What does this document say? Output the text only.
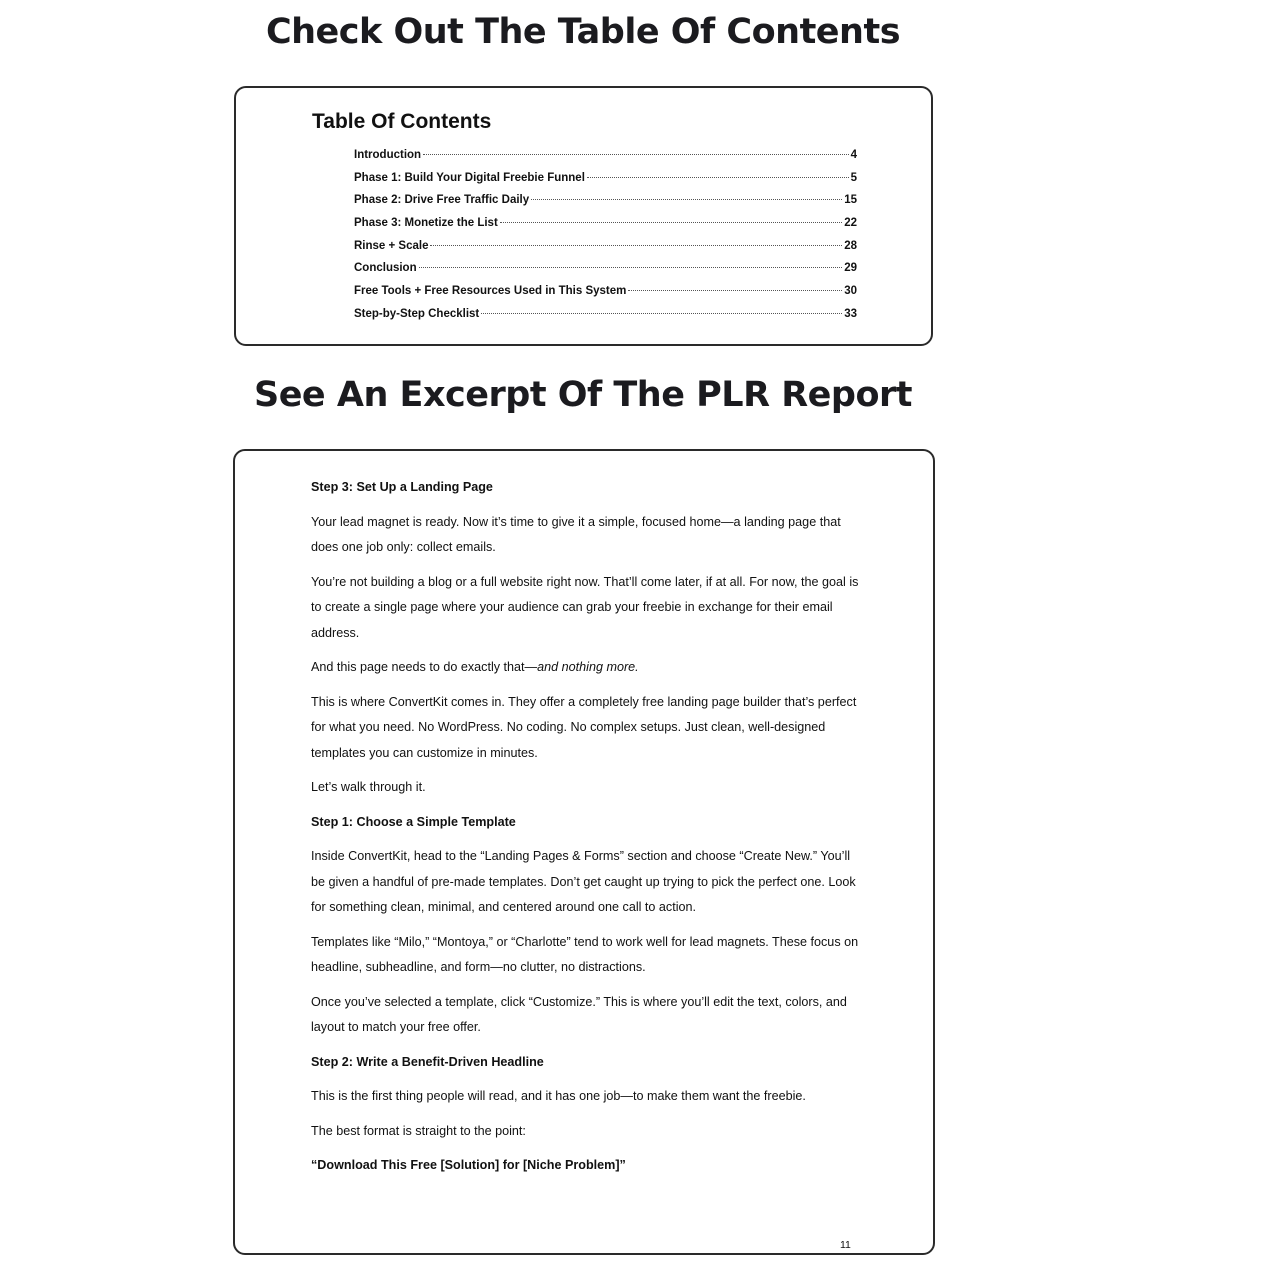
Check Out The Table Of Contents
Table Of Contents
Introduction	4
Phase 1: Build Your Digital Freebie Funnel	5
Phase 2: Drive Free Traffic Daily	15
Phase 3: Monetize the List	22
Rinse + Scale	28
Conclusion	29
Free Tools + Free Resources Used in This System	30
Step-by-Step Checklist	33
See An Excerpt Of The PLR Report

Step 3: Set Up a Landing Page

Your lead magnet is ready. Now it’s time to give it a simple, focused home—a landing page that does one job only: collect emails.

You’re not building a blog or a full website right now. That’ll come later, if at all. For now, the goal is to create a single page where your audience can grab your freebie in exchange for their email address.

And this page needs to do exactly that—and nothing more.

This is where ConvertKit comes in. They offer a completely free landing page builder that’s perfect for what you need. No WordPress. No coding. No complex setups. Just clean, well-designed templates you can customize in minutes.

Let’s walk through it.

Step 1: Choose a Simple Template

Inside ConvertKit, head to the “Landing Pages & Forms” section and choose “Create New.” You’ll be given a handful of pre-made templates. Don’t get caught up trying to pick the perfect one. Look for something clean, minimal, and centered around one call to action.

Templates like “Milo,” “Montoya,” or “Charlotte” tend to work well for lead magnets. These focus on headline, subheadline, and form—no clutter, no distractions.

Once you’ve selected a template, click “Customize.” This is where you’ll edit the text, colors, and layout to match your free offer.

Step 2: Write a Benefit-Driven Headline

This is the first thing people will read, and it has one job—to make them want the freebie.

The best format is straight to the point:

“Download This Free [Solution] for [Niche Problem]”

11
